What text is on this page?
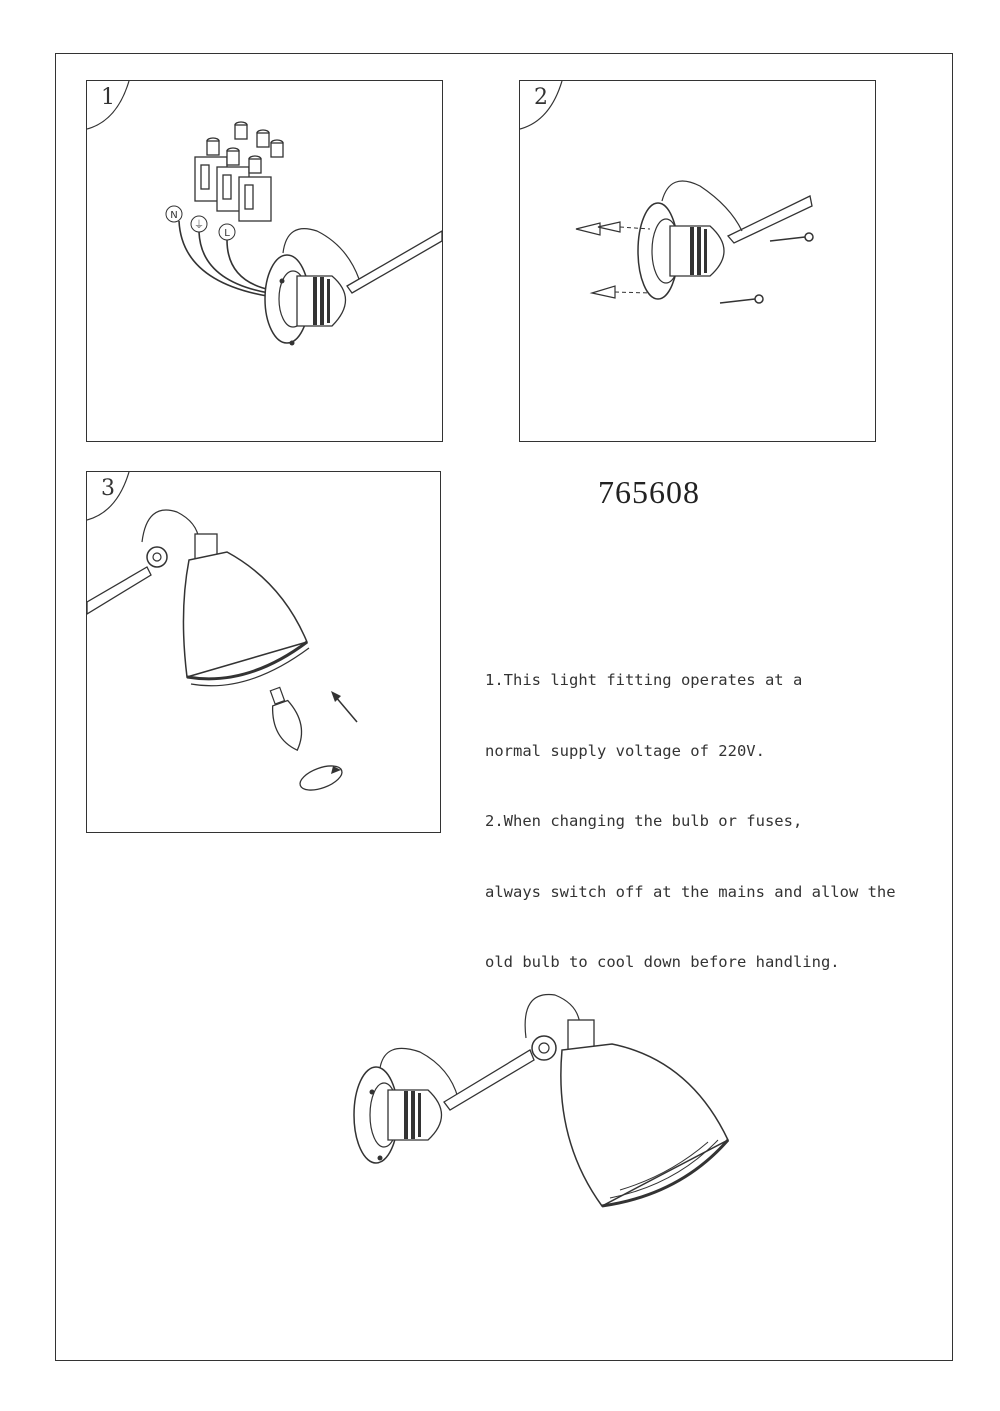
N
⏚
L
1	2
3	765608

1.This light fitting operates at a

normal supply voltage of 220V.

2.When changing the bulb or fuses,

always switch off at the mains and allow the

old bulb to cool down before handling.
